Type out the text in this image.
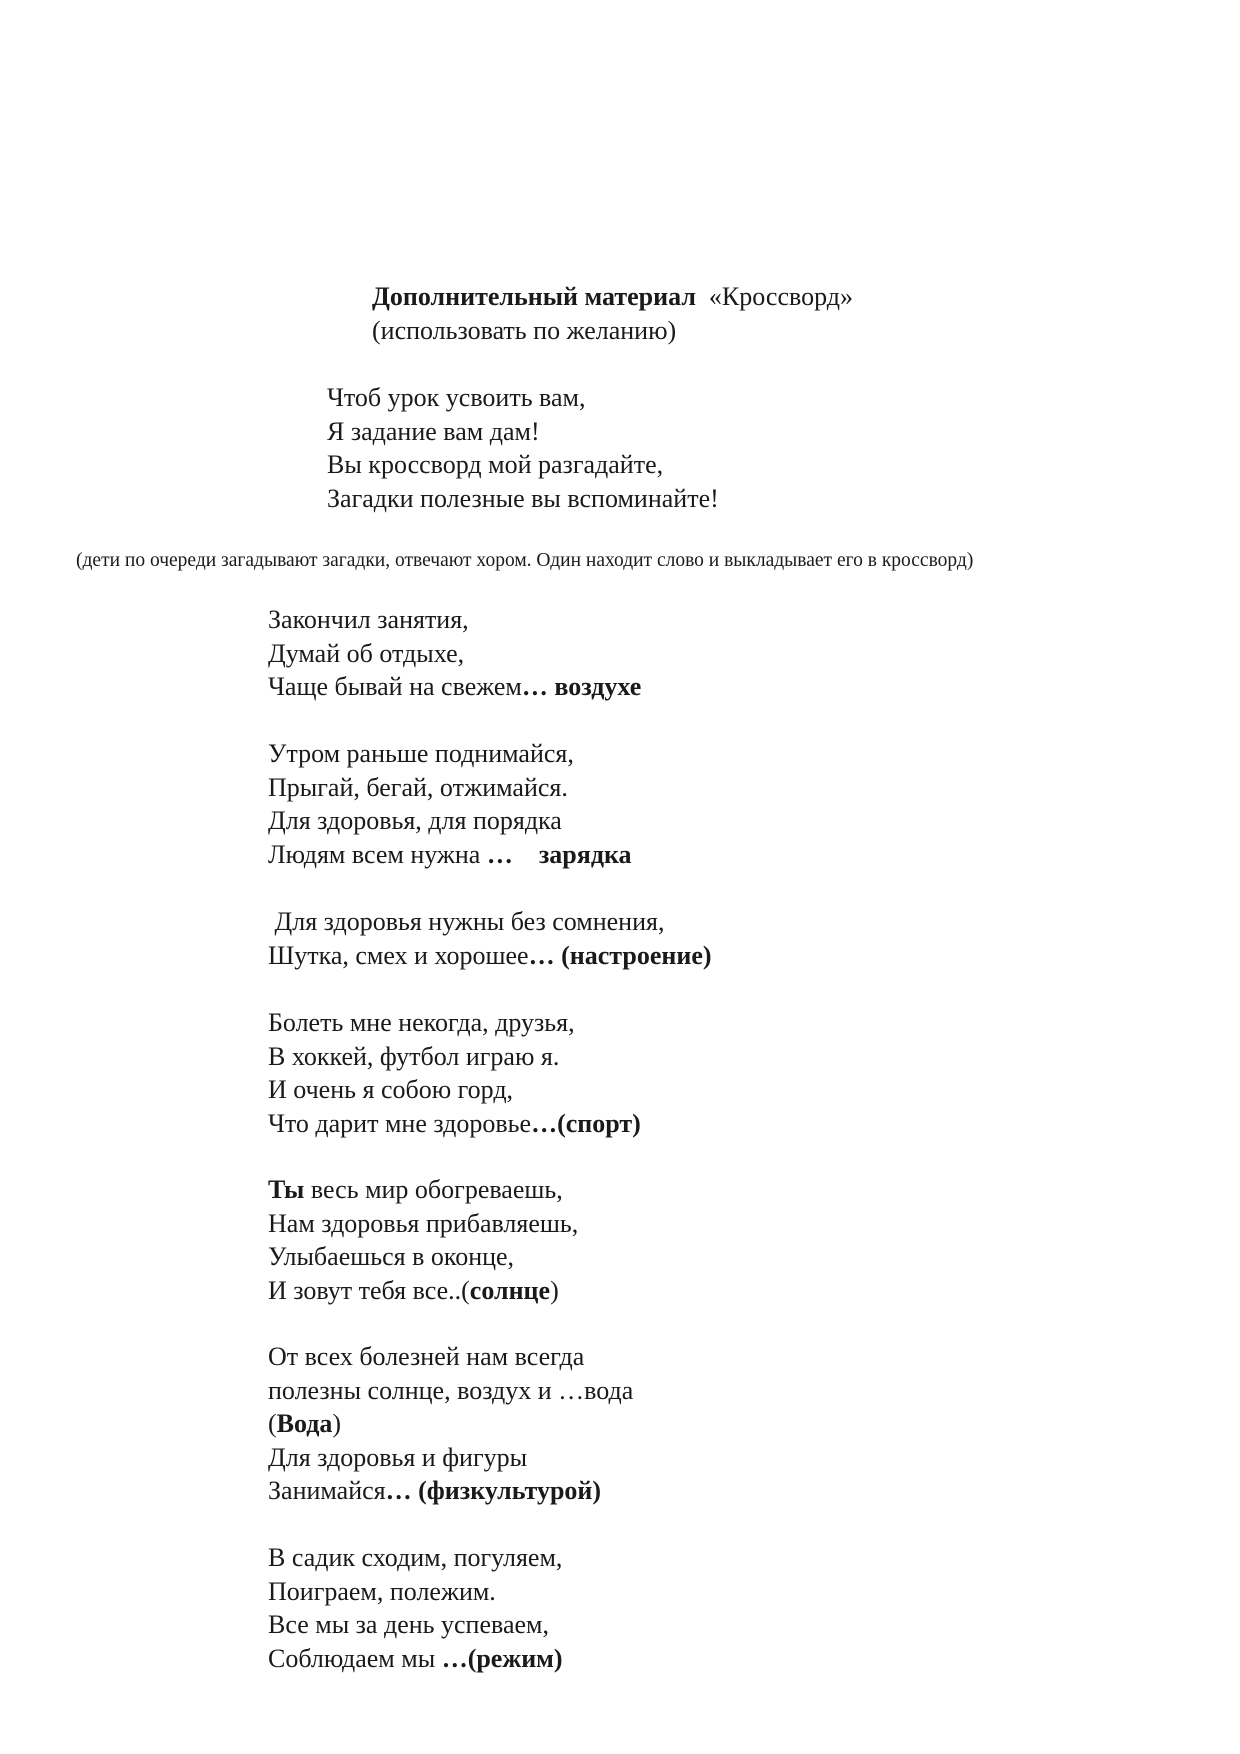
Дополнительный материал «Кроссворд»
(использовать по желанию)
Чтоб урок усвоить вам,
Я задание вам дам!
Вы кроссворд мой разгадайте,
Загадки полезные вы вспоминайте!
(дети по очереди загадывают загадки, отвечают хором. Один находит слово и выкладывает его в кроссворд)
Закончил занятия,
Думай об отдыхе,
Чаще бывай на свежем… воздухе
Утром раньше поднимайся,
Прыгай, бегай, отжимайся.
Для здоровья, для порядка
Людям всем нужна …    зарядка
Для здоровья нужны без сомнения,
Шутка, смех и хорошее… (настроение)
Болеть мне некогда, друзья,
В хоккей, футбол играю я.
И очень я собою горд,
Что дарит мне здоровье…(спорт)
Ты весь мир обогреваешь,
Нам здоровья прибавляешь,
Улыбаешься в оконце,
И зовут тебя все..(солнце)
От всех болезней нам всегда
полезны солнце, воздух и …вода
(Вода)
Для здоровья и фигуры
Занимайся… (физкультурой)
В садик сходим, погуляем,
Поиграем, полежим.
Все мы за день успеваем,
Соблюдаем мы …(режим)
